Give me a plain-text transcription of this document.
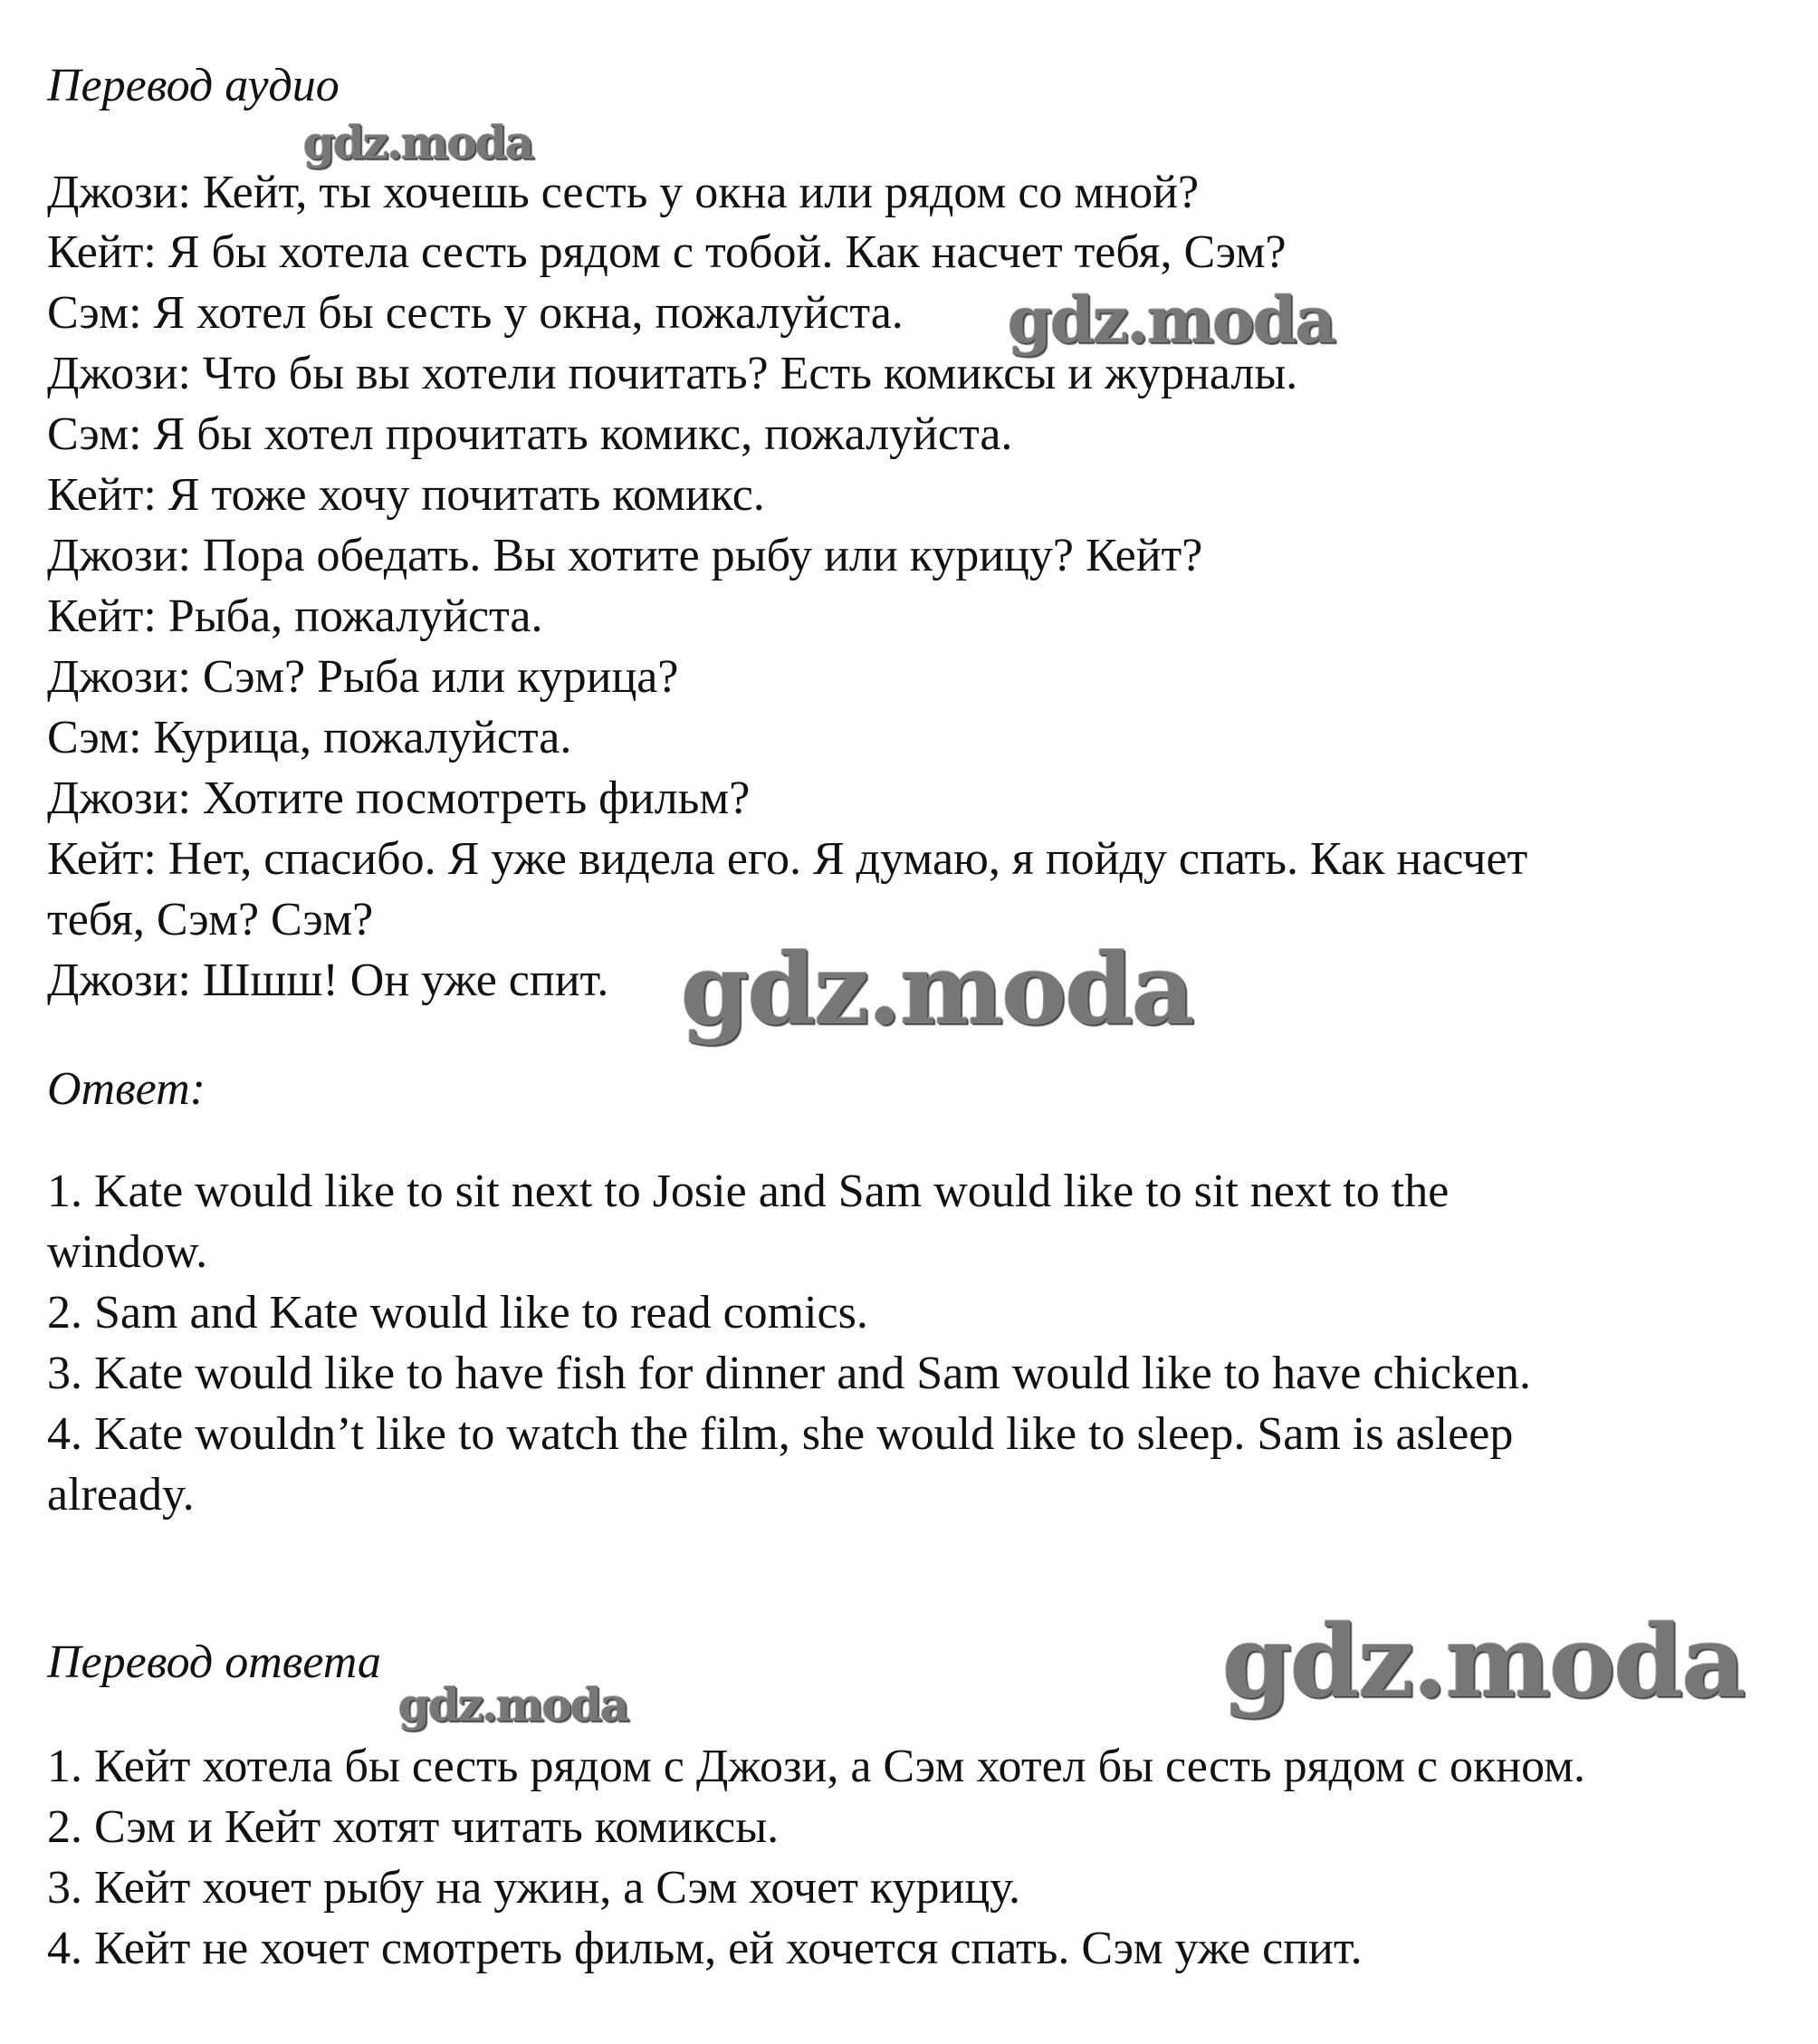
Перевод аудио
Джози: Кейт, ты хочешь сесть у окна или рядом со мной?
Кейт: Я бы хотела сесть рядом с тобой. Как насчет тебя, Сэм?
Сэм: Я хотел бы сесть у окна, пожалуйста.
Джози: Что бы вы хотели почитать? Есть комиксы и журналы.
Сэм: Я бы хотел прочитать комикс, пожалуйста.
Кейт: Я тоже хочу почитать комикс.
Джози: Пора обедать. Вы хотите рыбу или курицу? Кейт?
Кейт: Рыба, пожалуйста.
Джози: Сэм? Рыба или курица?
Сэм: Курица, пожалуйста.
Джози: Хотите посмотреть фильм?
Кейт: Нет, спасибо. Я уже видела его. Я думаю, я пойду спать. Как насчет
тебя, Сэм? Сэм?
Джози: Шшш! Он уже спит.
Ответ:
1. Kate would like to sit next to Josie and Sam would like to sit next to the
window.
2. Sam and Kate would like to read comics.
3. Kate would like to have fish for dinner and Sam would like to have chicken.
4. Kate wouldn’t like to watch the film, she would like to sleep. Sam is asleep
already.
Перевод ответа
1. Кейт хотела бы сесть рядом с Джози, а Сэм хотел бы сесть рядом с окном.
2. Сэм и Кейт хотят читать комиксы.
3. Кейт хочет рыбу на ужин, а Сэм хочет курицу.
4. Кейт не хочет смотреть фильм, ей хочется спать. Сэм уже спит.
gdz.moda
gdz.moda
gdz.moda
gdz.moda
gdz.moda
